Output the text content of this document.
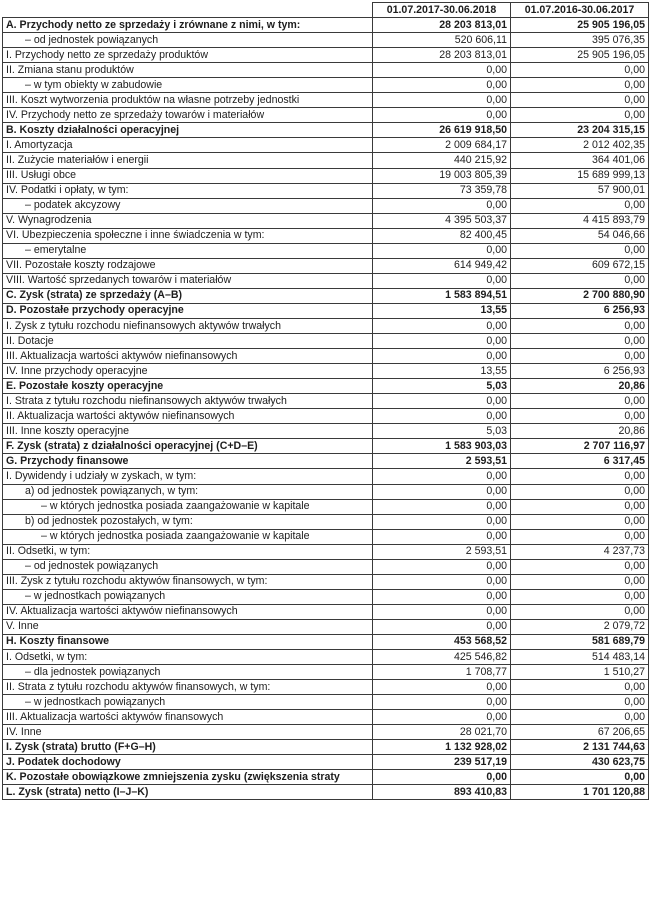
	01.07.2017-30.06.2018	01.07.2016-30.06.2017
A. Przychody netto ze sprzedaży i zrównane z nimi, w tym:	28 203 813,01	25 905 196,05
– od jednostek powiązanych	520 606,11	395 076,35
I. Przychody netto ze sprzedaży produktów	28 203 813,01	25 905 196,05
II. Zmiana stanu produktów	0,00	0,00
– w tym obiekty w zabudowie	0,00	0,00
III. Koszt wytworzenia produktów na własne potrzeby jednostki	0,00	0,00
IV. Przychody netto ze sprzedaży towarów i materiałów	0,00	0,00
B. Koszty działalności operacyjnej	26 619 918,50	23 204 315,15
I. Amortyzacja	2 009 684,17	2 012 402,35
II. Zużycie materiałów i energii	440 215,92	364 401,06
III. Usługi obce	19 003 805,39	15 689 999,13
IV. Podatki i opłaty, w tym:	73 359,78	57 900,01
– podatek akcyzowy	0,00	0,00
V. Wynagrodzenia	4 395 503,37	4 415 893,79
VI. Ubezpieczenia społeczne i inne świadczenia w tym:	82 400,45	54 046,66
– emerytalne	0,00	0,00
VII. Pozostałe koszty rodzajowe	614 949,42	609 672,15
VIII. Wartość sprzedanych towarów i materiałów	0,00	0,00
C. Zysk (strata) ze sprzedaży (A–B)	1 583 894,51	2 700 880,90
D. Pozostałe przychody operacyjne	13,55	6 256,93
I. Zysk z tytułu rozchodu niefinansowych aktywów trwałych	0,00	0,00
II. Dotacje	0,00	0,00
III. Aktualizacja wartości aktywów niefinansowych	0,00	0,00
IV. Inne przychody operacyjne	13,55	6 256,93
E. Pozostałe koszty operacyjne	5,03	20,86
I. Strata z tytułu rozchodu niefinansowych aktywów trwałych	0,00	0,00
II. Aktualizacja wartości aktywów niefinansowych	0,00	0,00
III. Inne koszty operacyjne	5,03	20,86
F. Zysk (strata) z działalności operacyjnej (C+D–E)	1 583 903,03	2 707 116,97
G. Przychody finansowe	2 593,51	6 317,45
I. Dywidendy i udziały w zyskach, w tym:	0,00	0,00
a) od jednostek powiązanych, w tym:	0,00	0,00
– w których jednostka posiada zaangażowanie w kapitale	0,00	0,00
b) od jednostek pozostałych, w tym:	0,00	0,00
– w których jednostka posiada zaangażowanie w kapitale	0,00	0,00
II. Odsetki, w tym:	2 593,51	4 237,73
– od jednostek powiązanych	0,00	0,00
III. Zysk z tytułu rozchodu aktywów finansowych, w tym:	0,00	0,00
– w jednostkach powiązanych	0,00	0,00
IV. Aktualizacja wartości aktywów niefinansowych	0,00	0,00
V. Inne	0,00	2 079,72
H. Koszty finansowe	453 568,52	581 689,79
I. Odsetki, w tym:	425 546,82	514 483,14
– dla jednostek powiązanych	1 708,77	1 510,27
II. Strata z tytułu rozchodu aktywów finansowych, w tym:	0,00	0,00
– w jednostkach powiązanych	0,00	0,00
III. Aktualizacja wartości aktywów finansowych	0,00	0,00
IV. Inne	28 021,70	67 206,65
I. Zysk (strata) brutto (F+G–H)	1 132 928,02	2 131 744,63
J. Podatek dochodowy	239 517,19	430 623,75
K. Pozostałe obowiązkowe zmniejszenia zysku (zwiększenia straty	0,00	0,00
L. Zysk (strata) netto (I–J–K)	893 410,83	1 701 120,88
